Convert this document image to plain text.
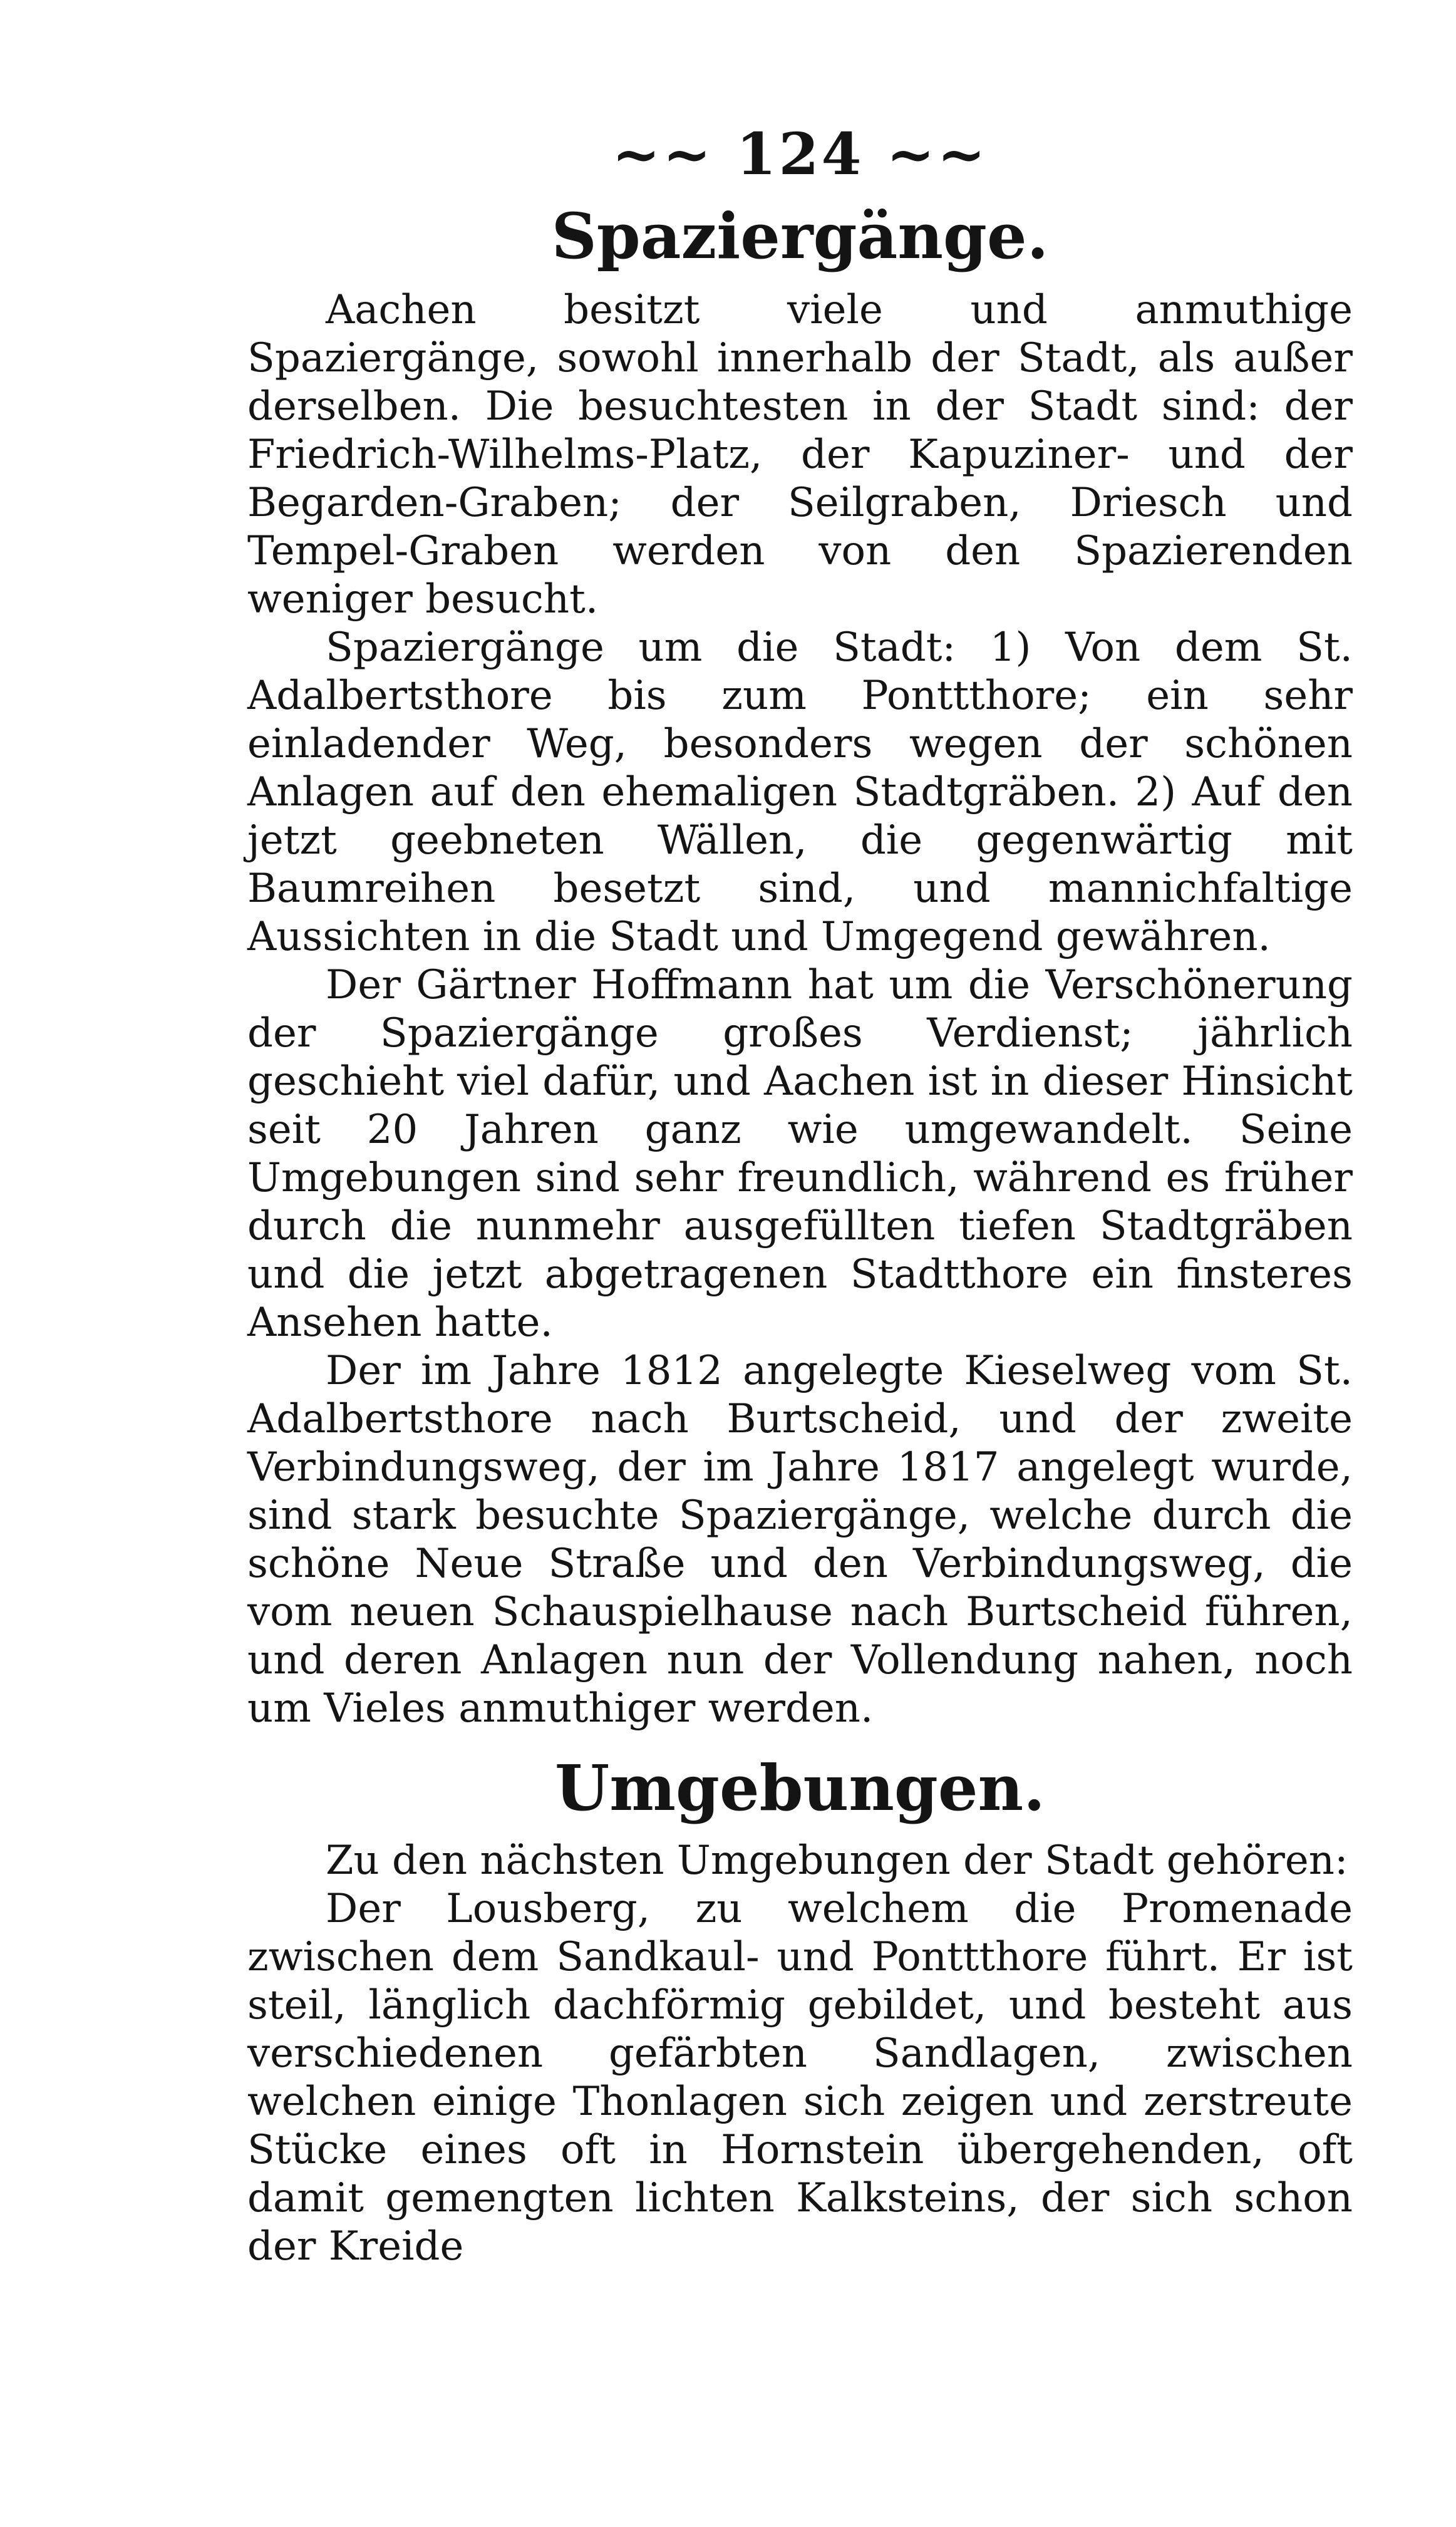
~~ 124 ~~
Spaziergänge.

Aachen besitzt viele und anmuthige Spaziergänge, sowohl innerhalb der Stadt, als außer derselben. Die besuchtesten in der Stadt sind: der Friedrich-Wilhelms-Platz, der Kapuziner- und der Begarden-Graben; der Seilgraben, Driesch und Tempel-Graben werden von den Spazierenden weniger besucht.

Spaziergänge um die Stadt: 1) Von dem St. Adalbertsthore bis zum Ponttthore; ein sehr einladender Weg, besonders wegen der schönen Anlagen auf den ehemaligen Stadtgräben. 2) Auf den jetzt geebneten Wällen, die gegenwärtig mit Baumreihen besetzt sind, und mannichfaltige Aussichten in die Stadt und Umgegend gewähren.

Der Gärtner Hoffmann hat um die Verschönerung der Spaziergänge großes Verdienst; jährlich geschieht viel dafür, und Aachen ist in dieser Hinsicht seit 20 Jahren ganz wie umgewandelt. Seine Umgebungen sind sehr freundlich, während es früher durch die nunmehr ausgefüllten tiefen Stadtgräben und die jetzt abgetragenen Stadtthore ein finsteres Ansehen hatte.

Der im Jahre 1812 angelegte Kieselweg vom St. Adalbertsthore nach Burtscheid, und der zweite Verbindungsweg, der im Jahre 1817 angelegt wurde, sind stark besuchte Spaziergänge, welche durch die schöne Neue Straße und den Verbindungsweg, die vom neuen Schauspielhause nach Burtscheid führen, und deren Anlagen nun der Vollendung nahen, noch um Vieles anmuthiger werden.

Umgebungen.

Zu den nächsten Umgebungen der Stadt gehören:

Der Lousberg, zu welchem die Promenade zwischen dem Sandkaul- und Ponttthore führt. Er ist steil, länglich dachförmig gebildet, und besteht aus verschiedenen gefärbten Sandlagen, zwischen welchen einige Thonlagen sich zeigen und zerstreute Stücke eines oft in Hornstein übergehenden, oft damit gemengten lichten Kalksteins, der sich schon der Kreide
